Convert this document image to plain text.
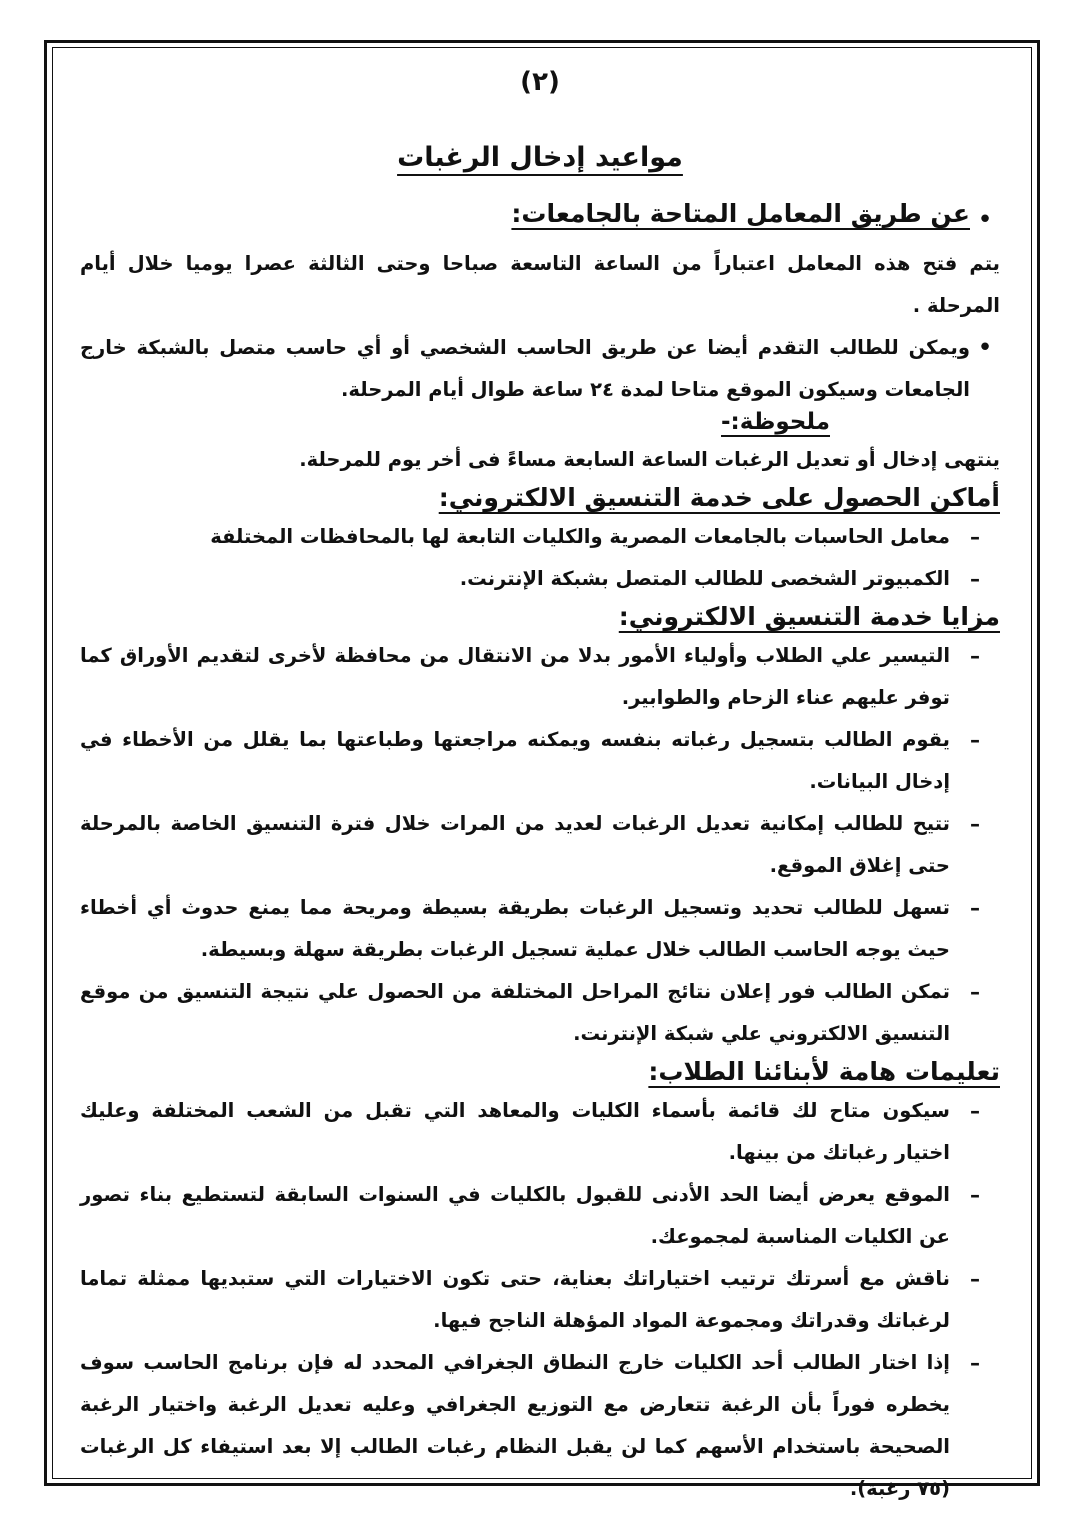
(٢)
مواعيد إدخال الرغبات
•
عن طريق المعامل المتاحة بالجامعات:

يتم فتح هذه المعامل اعتباراً من الساعة التاسعة صباحا وحتى الثالثة عصرا يوميا خلال أيام المرحلة .

•
ويمكن للطالب التقدم أيضا عن طريق الحاسب الشخصي أو أي حاسب متصل بالشبكة خارج الجامعات وسيكون الموقع متاحا لمدة ٢٤ ساعة طوال أيام المرحلة.
ملحوظة:-

ينتهى إدخال أو تعديل الرغبات الساعة السابعة مساءً فى أخر يوم للمرحلة.

أماكن الحصول على خدمة التنسيق الالكتروني:
–
معامل الحاسبات بالجامعات المصرية والكليات التابعة لها بالمحافظات المختلفة
–
الكمبيوتر الشخصى للطالب المتصل بشبكة الإنترنت.
مزايا خدمة التنسيق الالكتروني:
–
التيسير علي الطلاب وأولياء الأمور بدلا من الانتقال من محافظة لأخرى لتقديم الأوراق كما توفر عليهم عناء الزحام والطوابير.
–
يقوم الطالب بتسجيل رغباته بنفسه ويمكنه مراجعتها وطباعتها بما يقلل من الأخطاء في إدخال البيانات.
–
تتيح للطالب إمكانية تعديل الرغبات لعديد من المرات خلال فترة التنسيق الخاصة بالمرحلة حتى إغلاق الموقع.
–
تسهل للطالب تحديد وتسجيل الرغبات بطريقة بسيطة ومريحة مما يمنع حدوث أي أخطاء حيث يوجه الحاسب الطالب خلال عملية تسجيل الرغبات بطريقة سهلة وبسيطة.
–
تمكن الطالب فور إعلان نتائج المراحل المختلفة من الحصول علي نتيجة التنسيق من موقع التنسيق الالكتروني علي شبكة الإنترنت.
تعليمات هامة لأبنائنا الطلاب:
–
سيكون متاح لك قائمة بأسماء الكليات والمعاهد التي تقبل من الشعب المختلفة وعليك اختيار رغباتك من بينها.
–
الموقع يعرض أيضا الحد الأدنى للقبول بالكليات في السنوات السابقة لتستطيع بناء تصور عن الكليات المناسبة لمجموعك.
–
ناقش مع أسرتك ترتيب اختياراتك بعناية، حتى تكون الاختيارات التي ستبديها ممثلة تماما لرغباتك وقدراتك ومجموعة المواد المؤهلة الناجح فيها.
–
إذا اختار الطالب أحد الكليات خارج النطاق الجغرافي المحدد له فإن برنامج الحاسب سوف يخطره فوراً بأن الرغبة تتعارض مع التوزيع الجغرافي وعليه تعديل الرغبة واختيار الرغبة الصحيحة باستخدام الأسهم كما لن يقبل النظام رغبات الطالب إلا بعد استيفاء كل الرغبات (٧٥ رغبة).
